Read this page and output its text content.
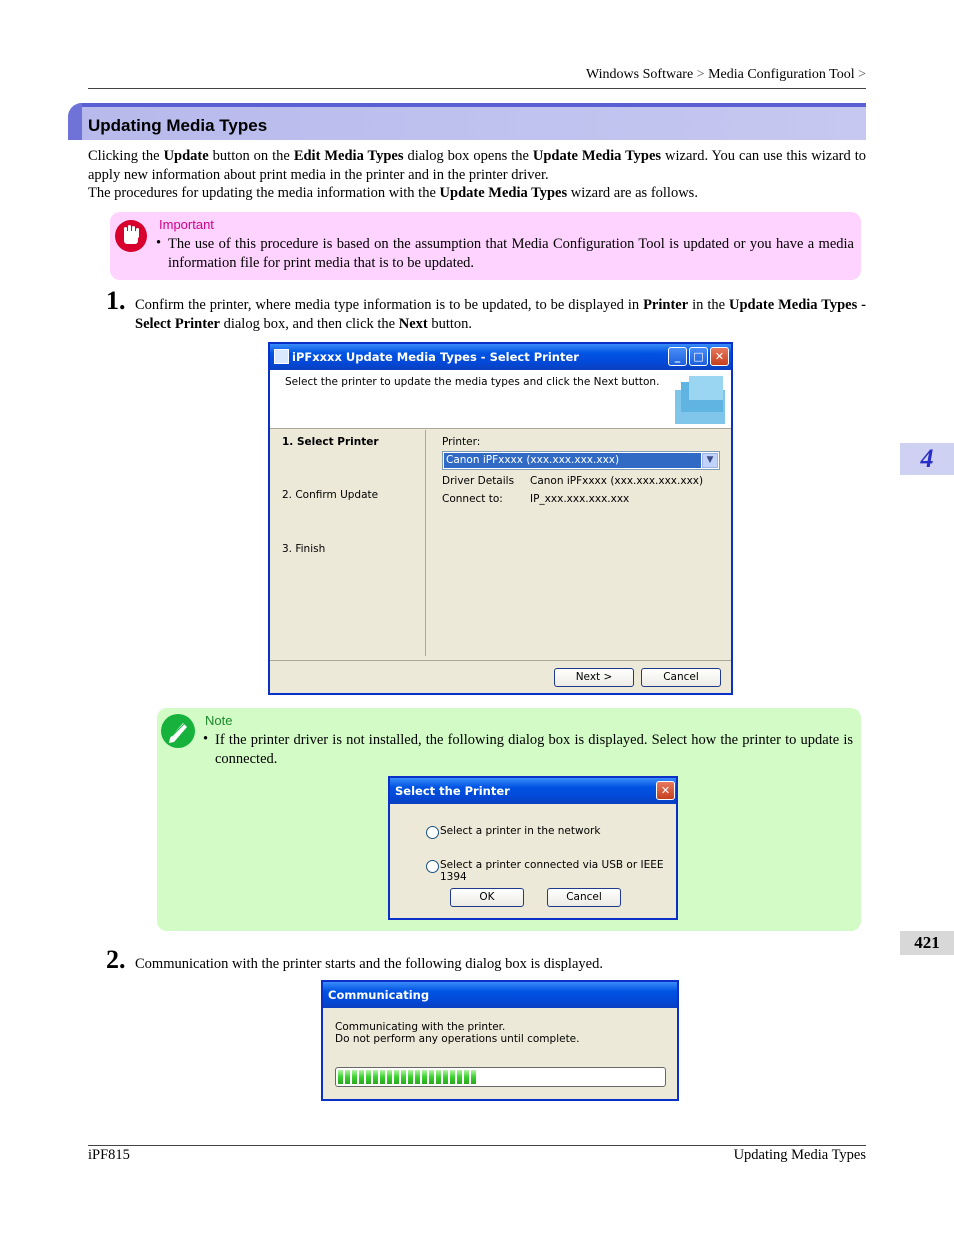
Windows Software > Media Configuration Tool >
Updating Media Types
Clicking the Update button on the Edit Media Types dialog box opens the Update Media Types wizard. You can use this wizard to apply new information about print media in the printer and in the printer driver.
The procedures for updating the media information with the Update Media Types wizard are as follows.
Important
• The use of this procedure is based on the assumption that Media Configuration Tool is updated or you have a media information file for print media that is to be updated.
1. Confirm the printer, where media type information is to be updated, to be displayed in Printer in the Update Media Types - Select Printer dialog box, and then click the Next button.
iPFxxxx Update Media Types - Select Printer	_	□	✕
Select the printer to update the media types and click the Next button.
1. Select Printer
2. Confirm Update
3. Finish
Printer:
Canon iPFxxxx (xxx.xxx.xxx.xxx)	▼
Driver Details Canon iPFxxxx (xxx.xxx.xxx.xxx)
Connect to:	IP_xxx.xxx.xxx.xxx
Next >	Cancel
Note
• If the printer driver is not installed, the following dialog box is displayed. Select how the printer to update is connected.
Select the Printer	✕
Select a printer in the network
Select a printer connected via USB or IEEE 1394
OK	Cancel
2. Communication with the printer starts and the following dialog box is displayed.
Communicating
Communicating with the printer.
Do not perform any operations until complete.
4
421
iPF815	Updating Media Types
